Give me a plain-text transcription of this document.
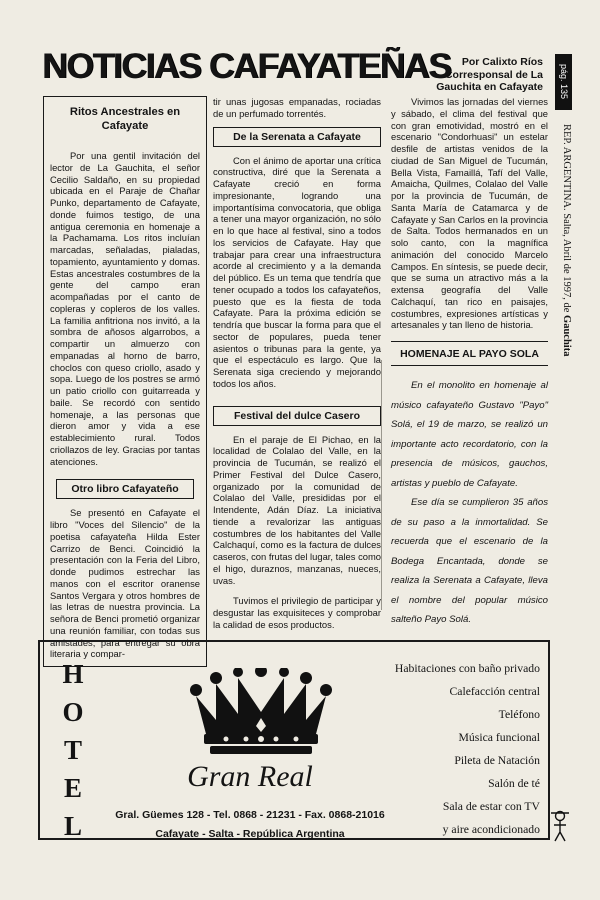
NOTICIAS CAFAYATEÑAS	Por Calixto Ríos
Corresponsal de La
Gauchita en Cafayate	pág. 135
REP. ARGENTINA. Salta, Abril de 1997, de Gauchita
Ritos Ancestrales en Cafayate

Por una gentil invitación del lector de La Gauchita, el señor Cecilio Saldaño, en su propiedad ubicada en el Paraje de Chañar Punko, departamento de Cafayate, donde fuimos testigo, de una antigua ceremonia en homenaje a la Pachamama. Los ritos incluían marcadas, señaladas, pialadas, topamiento, ayuntamiento y domas. Estas ancestrales costumbres de la gente del campo eran acompañadas por el canto de copleras y copleros de los valles. La familia anfitriona nos invitó, a la sombra de añosos algarrobos, a compartir un almuerzo con empanadas al horno de barro, choclos con queso criollo, asado y sopa. Luego de los postres se armó un patio criollo con guitarreada y baile. Se recordó con sentido homenaje, a las personas que dieron amor y vida a ese establecimiento rural. Todos criollazos de ley. Gracias por tantas atenciones.

Otro libro Cafayateño

Se presentó en Cafayate el libro "Voces del Silencio" de la poetisa cafayateña Hilda Ester Carrizo de Benci. Coincidió la presentación con la Feria del Libro, donde pudimos estrechar las manos con el escritor oranense Santos Vergara y otros hombres de las letras de nuestra provincia. La señora de Benci prometió organizar una reunión familiar, con todas sus amistades, para entregar su obra literaria y compar-

tir unas jugosas empanadas, rociadas de un perfumado torrentés.

De la Serenata a Cafayate

Con el ánimo de aportar una crítica constructiva, diré que la Serenata a Cafayate creció en forma impresionante, logrando una importantísima convocatoria, que obliga a tener una mayor organización, no sólo en lo que hace al festival, sino a todos los servicios de Cafayate. Hay que trabajar para crear una infraestructura acorde al crecimiento y a la demanda del público. Es un tema que tendría que tener ocupado a todos los cafayateños, puesto que es la fiesta de toda Cafayate. Para la próxima edición se tendría que buscar la forma para que el sector de populares, pueda tener asientos o tribunas para la gente, ya que el espectáculo es largo. Que la Serenata siga creciendo y mejorando todos los años.

Festival del dulce Casero

En el paraje de El Pichao, en la localidad de Colalao del Valle, en la provincia de Tucumán, se realizó el Primer Festival del Dulce Casero, organizado por la comunidad de Colalao del Valle, presididas por el Intendente, Adán Díaz. La iniciativa tiende a revalorizar las antiguas costumbres de los habitantes del Valle Calchaquí, como es la factura de dulces caseros, con frutas del lugar, tales como el higo, duraznos, manzanas, nueces, uvas.

Tuvimos el privilegio de participar y desgustar las exquisiteces y comprobar la calidad de esos productos.

Vivimos las jornadas del viernes y sábado, el clima del festival que con gran emotividad, mostró en el escenario "Condorhuasi" un estelar desfile de artistas venidos de la ciudad de San Miguel de Tucumán, Bella Vista, Famaillá, Tafí del Valle, Amaicha, Quilmes, Colalao del Valle por la provincia de Tucumán, de Santa María de Catamarca y de Cafayate y San Carlos en la provincia de Salta. Todos hermanados en un solo canto, con la magnífica animación del conocido Marcelo Campos. En síntesis, se puede decir, que se suma un atractivo más a la extensa geografía del Valle Calchaquí, tan rico en paisajes, costumbres, expresiones artísticas y artesanales y tan lleno de historia.

HOMENAJE AL PAYO SOLA

En el monolito en homenaje al músico cafayateño Gustavo "Payo" Solá, el 19 de marzo, se realizó un importante acto recordatorio, con la presencia de músicos, gauchos, artistas y pueblo de Cafayate.

Ese día se cumplieron 35 años de su paso a la inmortalidad. Se recuerda que el escenario de la Bodega Encantada, donde se realiza la Serenata a Cafayate, lleva el nombre del popular músico salteño Payo Solá.

H
O
T
E
L
Gran Real
Gral. Güemes 128 - Tel. 0868 - 21231 - Fax. 0868-21016
Cafayate - Salta - República Argentina
Habitaciones con baño privado
Calefacción central
Teléfono
Música funcional
Pileta de Natación
Salón de té
Sala de estar con TV
y aire acondicionado
